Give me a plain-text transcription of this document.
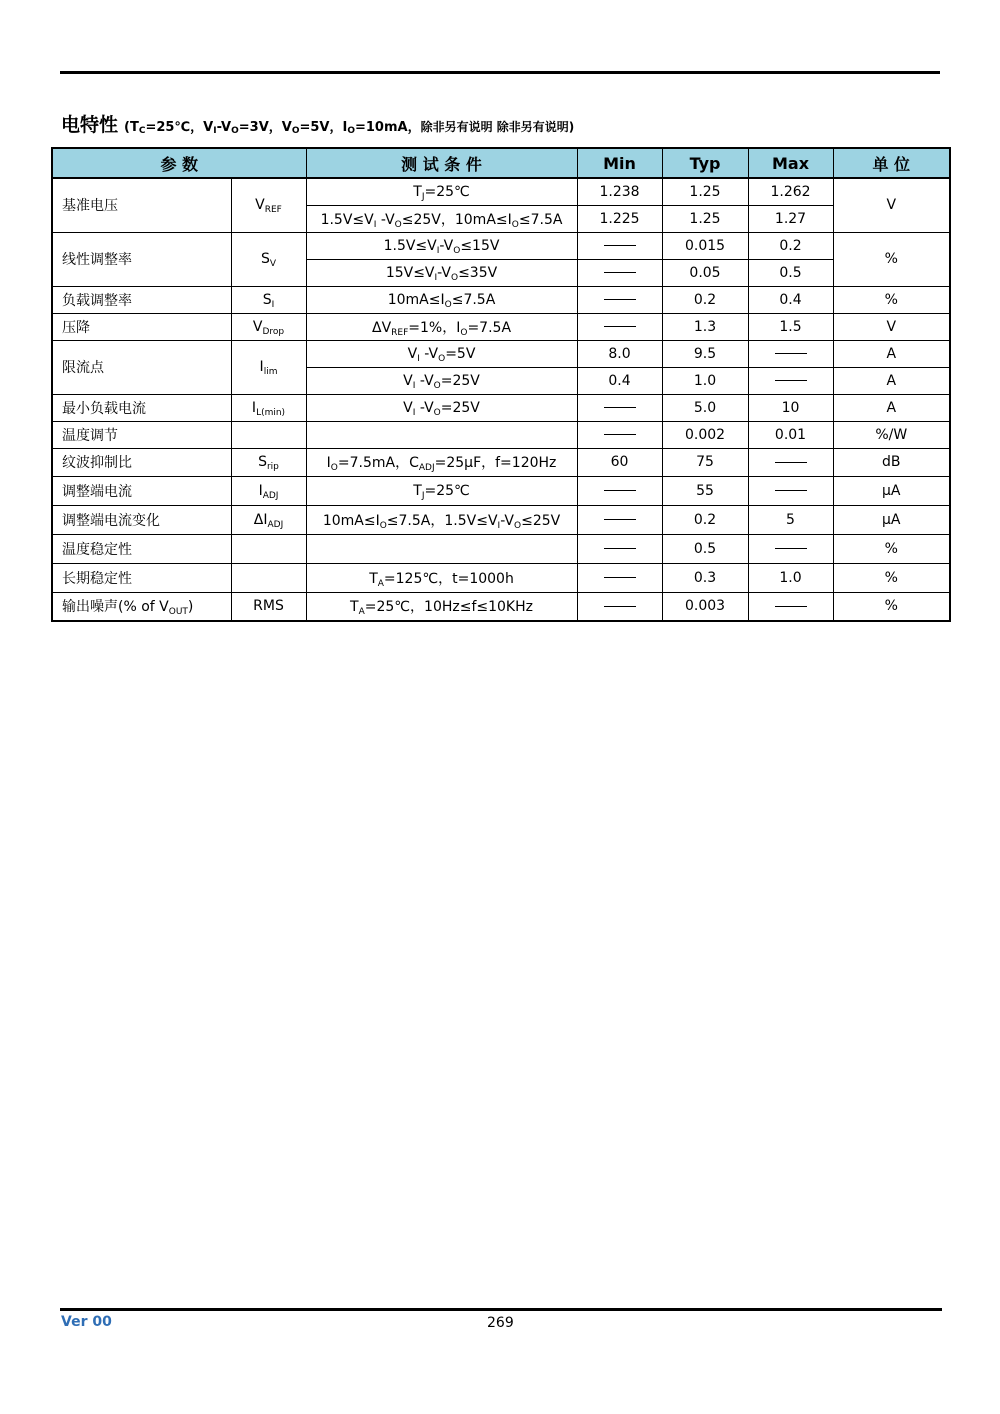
电特性 ($T_C=25℃$，$V_I-V_O=3V$，$V_O=5V$，$I_O=10mA$，除非另有说明 除非另有说明)
参 数		测 试 条 件	Min	Typ	Max	单 位
基准电压	$V_{REF}$	$T_J=25℃$	1.238	1.25	1.262	V
		$1.5V\le V_I$ $-V_O\le 25V$，$10mA\le I_O\le 7.5A$	1.225	1.25	1.27	
线性调整率	$S_V$	$1.5V\le V_I-V_O\le 15V$		0.015	0.2	%
		$15V\le V_I-V_O\le 35V$		0.05	0.5	
负载调整率	$S_I$	$10mA\le I_O\le 7.5A$		0.2	0.4	%
压降	$V_{Drop}$	$\Delta V_{REF}=1\%$，$I_O=7.5A$		1.3	1.5	V
限流点	$I_{lim}$	$V_I$ $-V_O=5V$	8.0	9.5		A
		$V_I$ $-V_O=25V$	0.4	1.0		A
最小负载电流	$I_{L(min)}$	$V_I$ $-V_O=25V$		5.0	10	A
温度调节				0.002	0.01	%/W
纹波抑制比	$S_{rip}$	$I_O=7.5mA$，$C_{ADJ}=25\mu F$，f=120Hz	60	75		dB
调整端电流	$I_{ADJ}$	$T_J=25℃$		55		μA
调整端电流变化	$\Delta I_{ADJ}$	$10mA\le I_O\le 7.5A$，$1.5V\le V_I-V_O\le 25V$		0.2	5	μA
温度稳定性				0.5		%
长期稳定性		$T_A=125℃$，t=1000h		0.3	1.0	%
输出噪声(% of $V_{OUT}$)	RMS	$T_A=25℃$，10Hz≤f≤10KHz		0.003		%
Ver 00	269
